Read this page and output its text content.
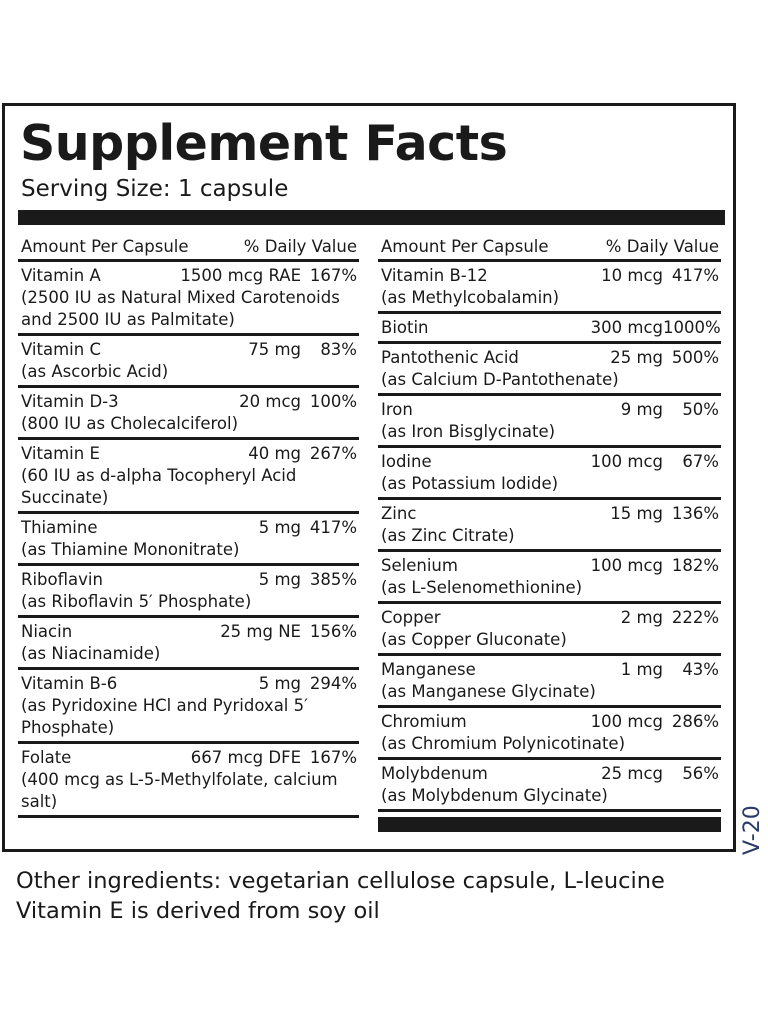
Supplement Facts
Serving Size: 1 capsule
Amount Per Capsule	% Daily Value
Vitamin A	1500 mcg RAE 167%
(2500 IU as Natural Mixed Carotenoids and 2500 IU as Palmitate)
Vitamin C	75 mg	83%
(as Ascorbic Acid)
Vitamin D-3	20 mcg 100%
(800 IU as Cholecalciferol)
Vitamin E	40 mg 267%
(60 IU as d-alpha Tocopheryl Acid Succinate)
Thiamine	5 mg 417%
(as Thiamine Mononitrate)
Riboflavin	5 mg 385%
(as Riboflavin 5′ Phosphate)
Niacin	25 mg NE 156%
(as Niacinamide)
Vitamin B-6	5 mg 294%
(as Pyridoxine HCl and Pyridoxal 5′ Phosphate)
Folate	667 mcg DFE 167%
(400 mcg as L-5-Methylfolate, calcium salt)
Amount Per Capsule	% Daily Value
Vitamin B-12	10 mcg 417%
(as Methylcobalamin)
Biotin	300 mcg 1000%
Pantothenic Acid	25 mg 500%
(as Calcium D-Pantothenate)
Iron	9 mg	50%
(as Iron Bisglycinate)
Iodine	100 mcg	67%
(as Potassium Iodide)
Zinc	15 mg 136%
(as Zinc Citrate)
Selenium	100 mcg 182%
(as L-Selenomethionine)
Copper	2 mg 222%
(as Copper Gluconate)
Manganese	1 mg	43%
(as Manganese Glycinate)
Chromium	100 mcg 286%
(as Chromium Polynicotinate)
Molybdenum	25 mcg	56%
(as Molybdenum Glycinate)
V-20
Other ingredients: vegetarian cellulose capsule, L-leucine
Vitamin E is derived from soy oil
